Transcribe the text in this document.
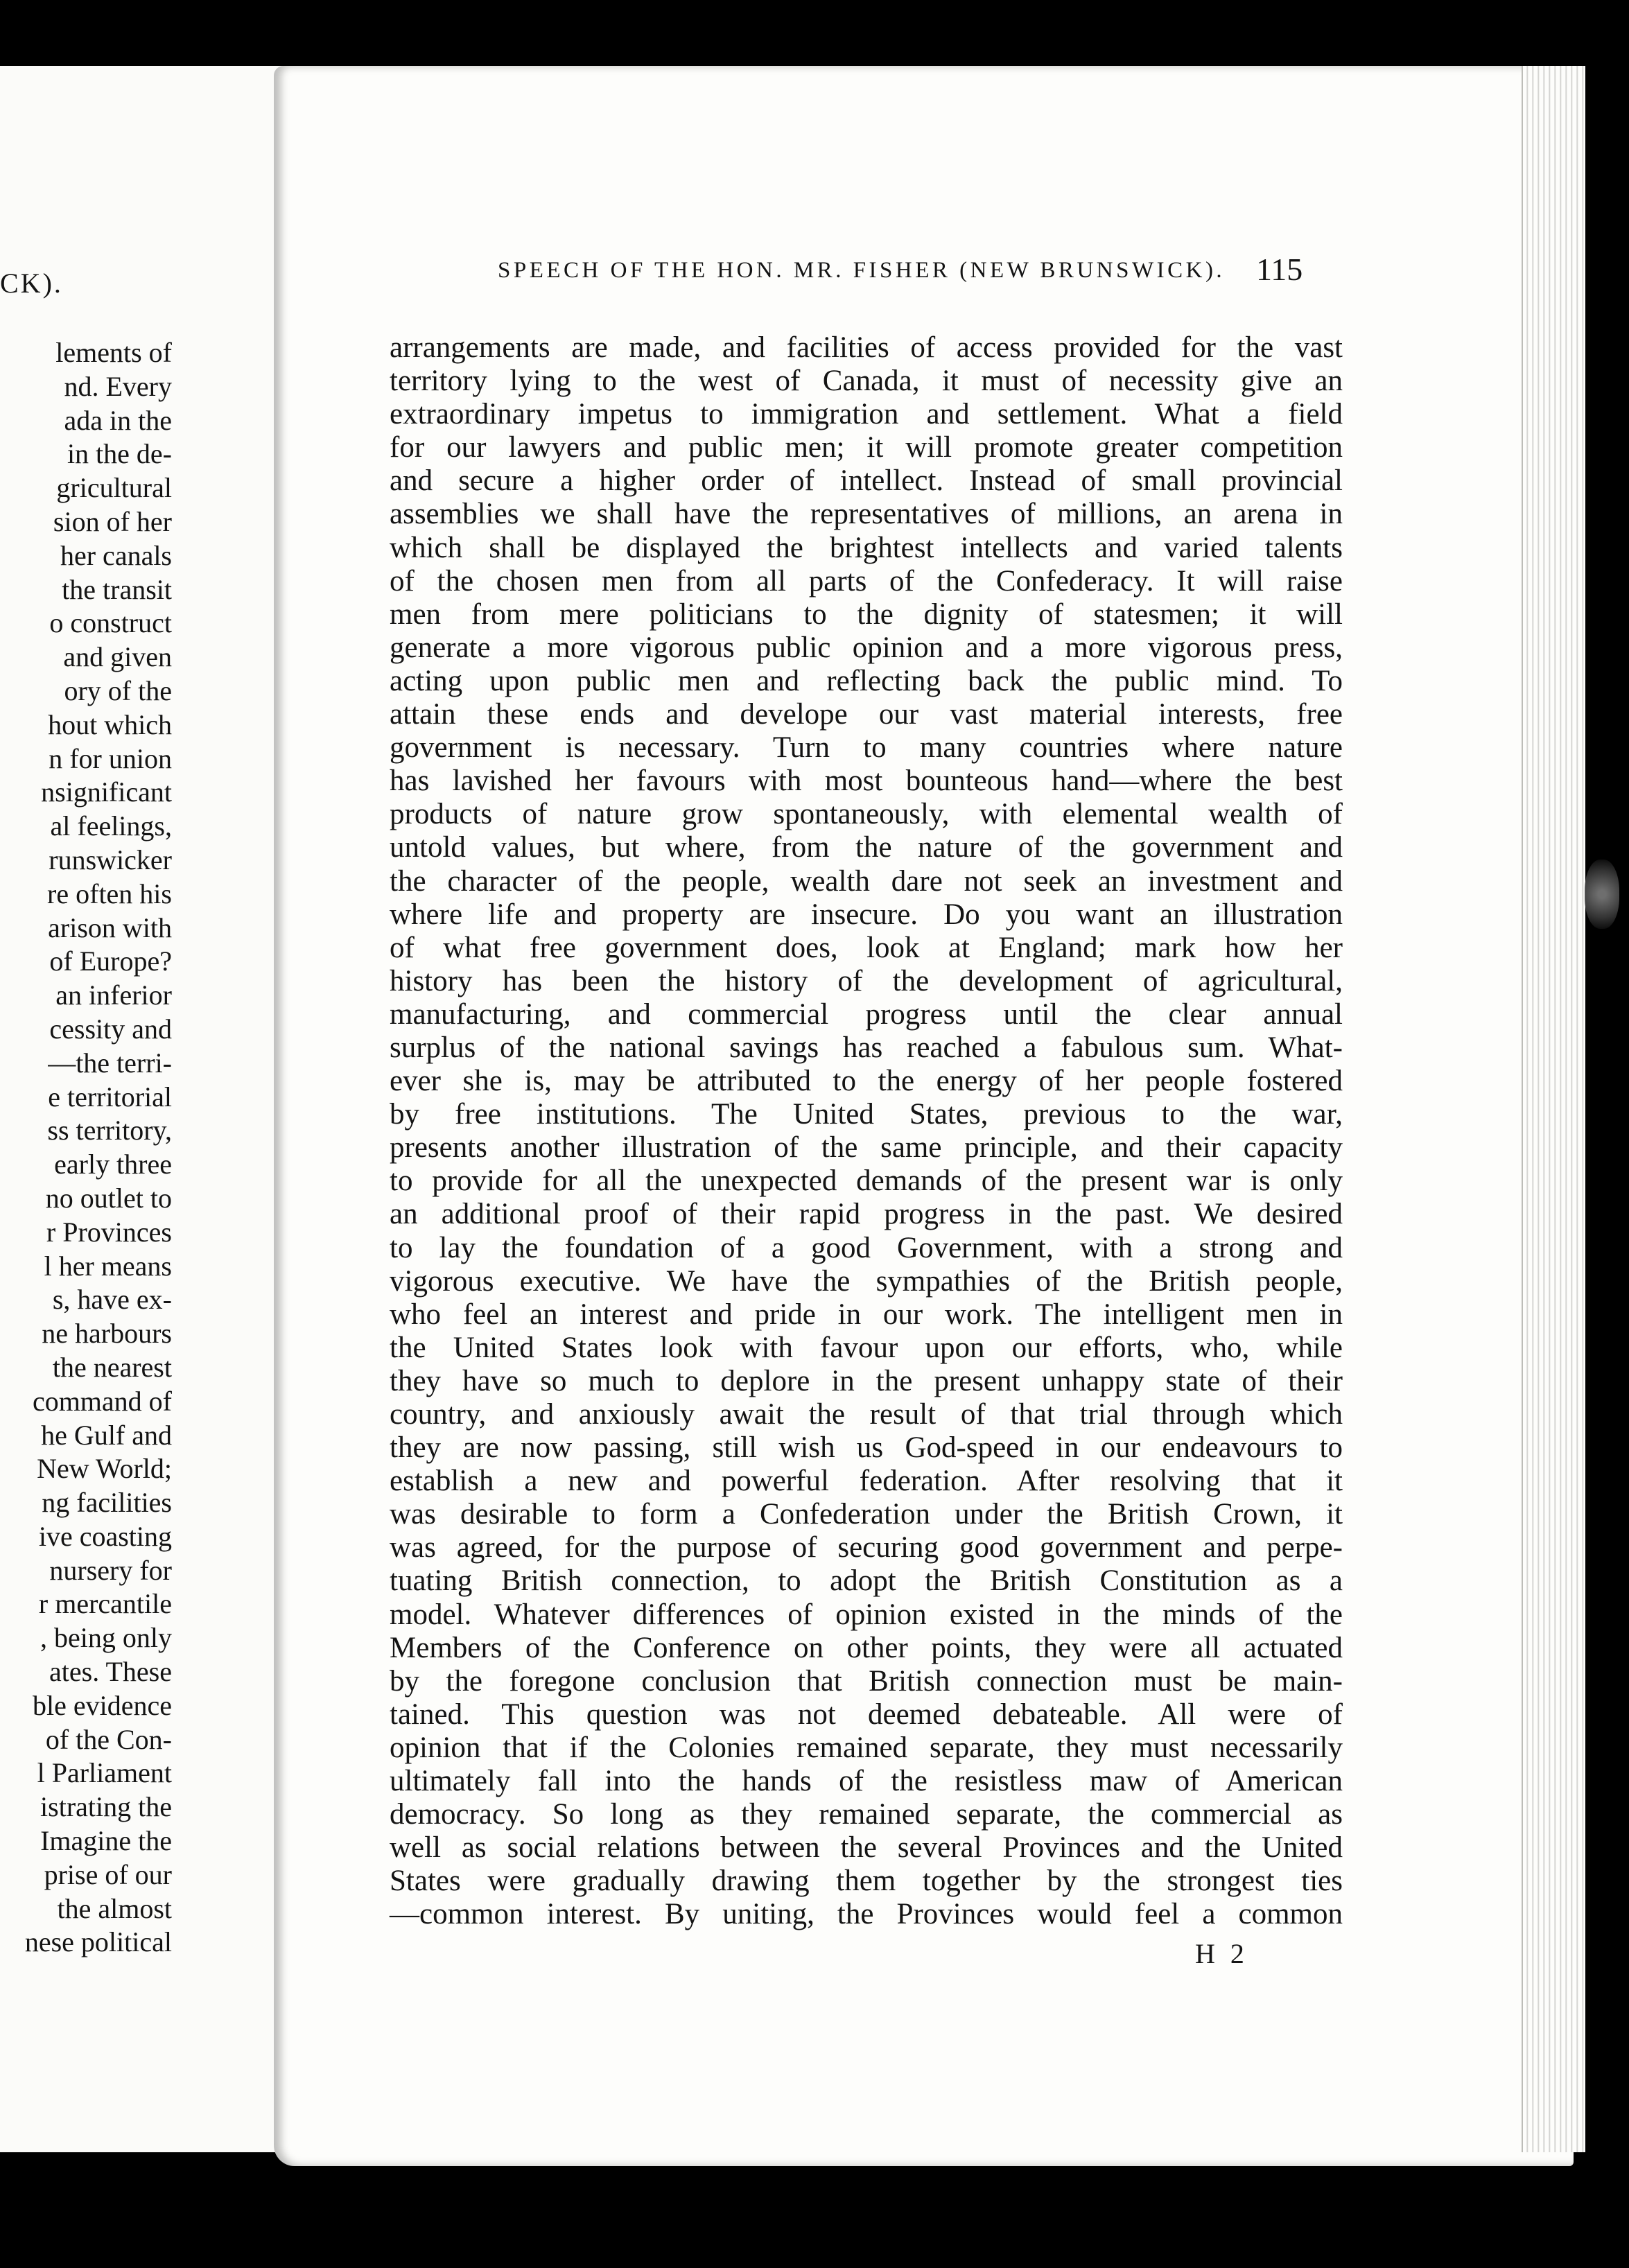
CK).
lements of
nd. Every
ada in the
in the de-
gricultural
sion of her
her canals
the transit
o construct
and given
ory of the
hout which
n for union
nsignificant
al feelings,
runswicker
re often his
arison with
of Europe?
an inferior
cessity and
—the terri-
e territorial
ss territory,
early three
no outlet to
r Provinces
l her means
s, have ex-
ne harbours
the nearest
command of
he Gulf and
New World;
ng facilities
ive coasting
nursery for
r mercantile
, being only
ates. These
ble evidence
of the Con-
l Parliament
istrating the
Imagine the
prise of our
the almost
nese political
SPEECH OF THE HON. MR. FISHER (NEW BRUNSWICK). 115
arrangements are made, and facilities of access provided for the vast
territory lying to the west of Canada, it must of necessity give an
extraordinary impetus to immigration and settlement. What a field
for our lawyers and public men; it will promote greater competition
and secure a higher order of intellect. Instead of small provincial
assemblies we shall have the representatives of millions, an arena in
which shall be displayed the brightest intellects and varied talents
of the chosen men from all parts of the Confederacy. It will raise
men from mere politicians to the dignity of statesmen; it will
generate a more vigorous public opinion and a more vigorous press,
acting upon public men and reflecting back the public mind. To
attain these ends and develope our vast material interests, free
government is necessary. Turn to many countries where nature
has lavished her favours with most bounteous hand—where the best
products of nature grow spontaneously, with elemental wealth of
untold values, but where, from the nature of the government and
the character of the people, wealth dare not seek an investment and
where life and property are insecure. Do you want an illustration
of what free government does, look at England; mark how her
history has been the history of the development of agricultural,
manufacturing, and commercial progress until the clear annual
surplus of the national savings has reached a fabulous sum. What-
ever she is, may be attributed to the energy of her people fostered
by free institutions. The United States, previous to the war,
presents another illustration of the same principle, and their capacity
to provide for all the unexpected demands of the present war is only
an additional proof of their rapid progress in the past. We desired
to lay the foundation of a good Government, with a strong and
vigorous executive. We have the sympathies of the British people,
who feel an interest and pride in our work. The intelligent men in
the United States look with favour upon our efforts, who, while
they have so much to deplore in the present unhappy state of their
country, and anxiously await the result of that trial through which
they are now passing, still wish us God-speed in our endeavours to
establish a new and powerful federation. After resolving that it
was desirable to form a Confederation under the British Crown, it
was agreed, for the purpose of securing good government and perpe-
tuating British connection, to adopt the British Constitution as a
model. Whatever differences of opinion existed in the minds of the
Members of the Conference on other points, they were all actuated
by the foregone conclusion that British connection must be main-
tained. This question was not deemed debateable. All were of
opinion that if the Colonies remained separate, they must necessarily
ultimately fall into the hands of the resistless maw of American
democracy. So long as they remained separate, the commercial as
well as social relations between the several Provinces and the United
States were gradually drawing them together by the strongest ties
—common interest. By uniting, the Provinces would feel a common
H 2
